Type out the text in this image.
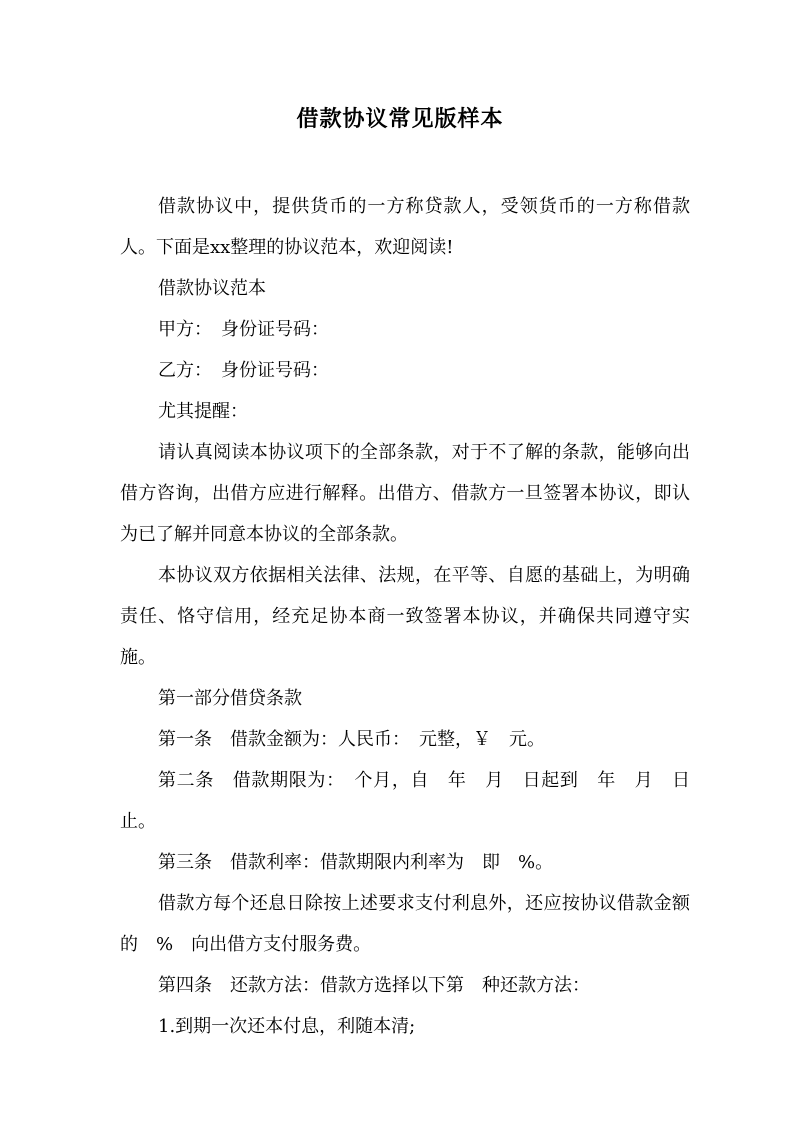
借款协议常见版样本

借款协议中，提供货币的一方称贷款人，受领货币的一方称借款人。下面是xx整理的协议范本，欢迎阅读!

借款协议范本

甲方：　身份证号码：

乙方：　身份证号码：

尤其提醒：

请认真阅读本协议项下的全部条款，对于不了解的条款，能够向出借方咨询，出借方应进行解释。出借方、借款方一旦签署本协议，即认为已了解并同意本协议的全部条款。

本协议双方依据相关法律、法规，在平等、自愿的基础上，为明确责任、恪守信用，经充足协本商一致签署本协议，并确保共同遵守实施。

第一部分借贷条款

第一条　借款金额为：人民币：　元整，￥　元。

第二条　借款期限为：　个月，自　年　月　日起到　年　月　日止。

第三条　借款利率：借款期限内利率为　即　%。

借款方每个还息日除按上述要求支付利息外，还应按协议借款金额的　%　向出借方支付服务费。

第四条　还款方法：借款方选择以下第　种还款方法：

1.到期一次还本付息，利随本清;
